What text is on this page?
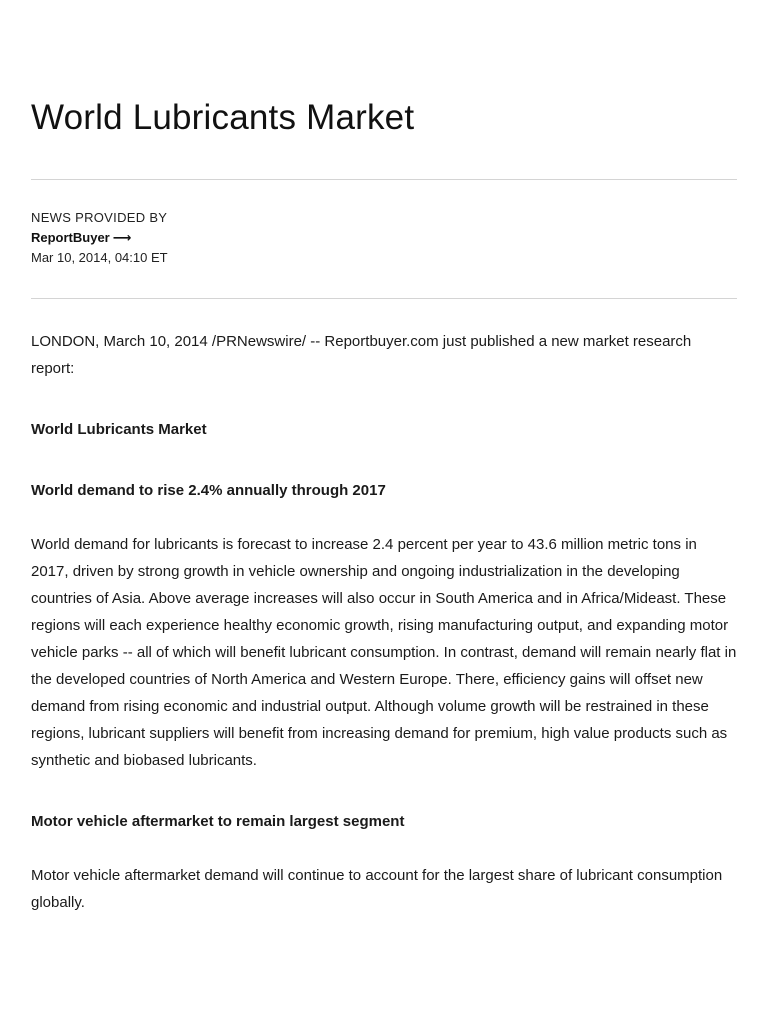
World Lubricants Market
NEWS PROVIDED BY
ReportBuyer ⟶
Mar 10, 2014, 04:10 ET

LONDON, March 10, 2014 /PRNewswire/ -- Reportbuyer.com just published a new market research report:

World Lubricants Market

World demand to rise 2.4% annually through 2017

World demand for lubricants is forecast to increase 2.4 percent per year to 43.6 million metric tons in 2017, driven by strong growth in vehicle ownership and ongoing industrialization in the developing countries of Asia. Above average increases will also occur in South America and in Africa/Mideast. These regions will each experience healthy economic growth, rising manufacturing output, and expanding motor vehicle parks -- all of which will benefit lubricant consumption. In contrast, demand will remain nearly flat in the developed countries of North America and Western Europe. There, efficiency gains will offset new demand from rising economic and industrial output. Although volume growth will be restrained in these regions, lubricant suppliers will benefit from increasing demand for premium, high value products such as synthetic and biobased lubricants.

Motor vehicle aftermarket to remain largest segment

Motor vehicle aftermarket demand will continue to account for the largest share of lubricant consumption globally.
